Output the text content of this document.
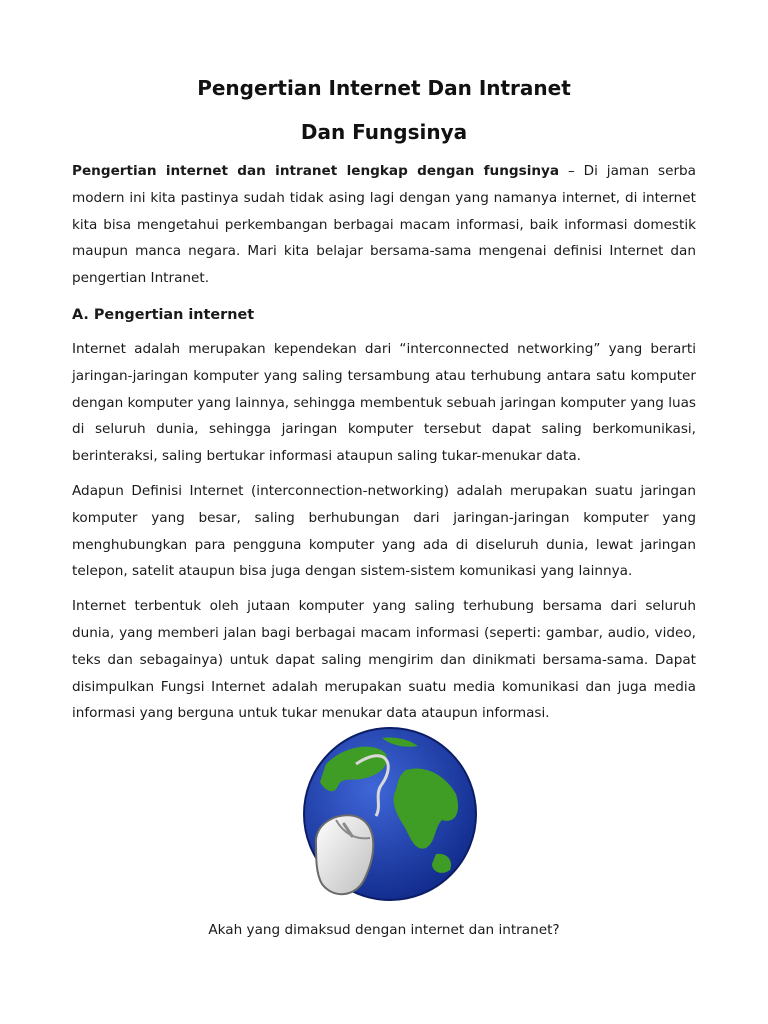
Pengertian Internet Dan Intranet
Dan Fungsinya

Pengertian internet dan intranet lengkap dengan fungsinya – Di jaman serba modern ini kita pastinya sudah tidak asing lagi dengan yang namanya internet, di internet kita bisa mengetahui perkembangan berbagai macam informasi, baik informasi domestik maupun manca negara. Mari kita belajar bersama-sama mengenai definisi Internet dan pengertian Intranet.

A. Pengertian internet

Internet adalah merupakan kependekan dari “interconnected networking” yang berarti jaringan-jaringan komputer yang saling tersambung atau terhubung antara satu komputer dengan komputer yang lainnya, sehingga membentuk sebuah jaringan komputer yang luas di seluruh dunia, sehingga jaringan komputer tersebut dapat saling berkomunikasi, berinteraksi, saling bertukar informasi ataupun saling tukar-menukar data.

Adapun Definisi Internet (interconnection-networking) adalah merupakan suatu jaringan komputer yang besar, saling berhubungan dari jaringan-jaringan komputer yang menghubungkan para pengguna komputer yang ada di diseluruh dunia, lewat jaringan telepon, satelit ataupun bisa juga dengan sistem-sistem komunikasi yang lainnya.

Internet terbentuk oleh jutaan komputer yang saling terhubung bersama dari seluruh dunia, yang memberi jalan bagi berbagai macam informasi (seperti: gambar, audio, video, teks dan sebagainya) untuk dapat saling mengirim dan dinikmati bersama-sama. Dapat disimpulkan Fungsi Internet adalah merupakan suatu media komunikasi dan juga media informasi yang berguna untuk tukar menukar data ataupun informasi.

Akah yang dimaksud dengan internet dan intranet?
